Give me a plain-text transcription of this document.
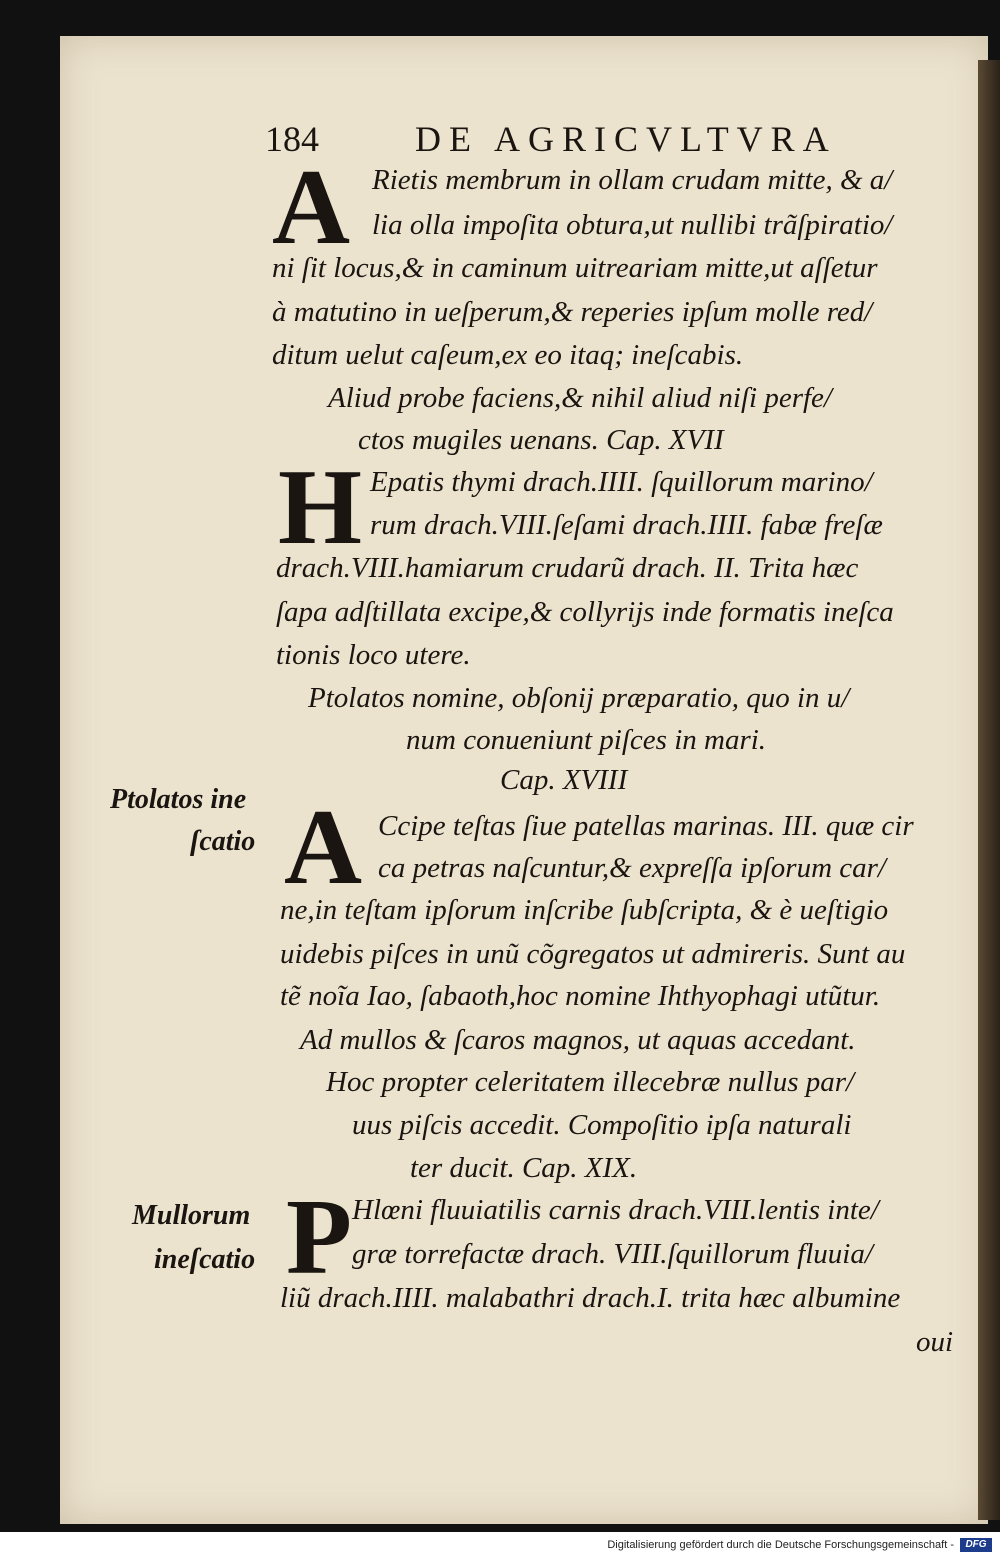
184	DE AGRICVLTVRA
A Rietis membrum in ollam crudam mitte, & a/
lia olla impoſita obtura,ut nullibi trãſpiratio/
ni ſit locus,& in caminum uitreariam mitte,ut aſſetur
à matutino in ueſperum,& reperies ipſum molle red/
ditum uelut caſeum,ex eo itaq; ineſcabis.
Aliud probe faciens,& nihil aliud niſi perfe/
ctos mugiles uenans. Cap. XVII
H Epatis thymi drach.IIII. ſquillorum marino/
rum drach.VIII.ſeſami drach.IIII. fabæ freſæ
drach.VIII.hamiarum crudarũ drach. II. Trita hæc
ſapa adſtillata excipe,& collyrijs inde formatis ineſca
tionis loco utere.
Ptolatos nomine, obſonij præparatio, quo in u/
num conueniunt piſces in mari.
Cap. XVIII
Ptolatos ine
ſcatio A Ccipe teſtas ſiue patellas marinas. III. quæ cir
ca petras naſcuntur,& expreſſa ipſorum car/
ne,in teſtam ipſorum inſcribe ſubſcripta, & è ueſtigio
uidebis piſces in unũ cõgregatos ut admireris. Sunt au
tẽ noĩa Iao, ſabaoth,hoc nomine Ihthyophagi utũtur.
Ad mullos & ſcaros magnos, ut aquas accedant.
Hoc propter celeritatem illecebræ nullus par/
uus piſcis accedit. Compoſitio ipſa naturali
ter ducit. Cap. XIX.
Mullorum
ineſcatio P Hlœni fluuiatilis carnis drach.VIII.lentis inte/
græ torrefactæ drach. VIII.ſquillorum fluuia/
liũ drach.IIII. malabathri drach.I. trita hæc albumine
oui
Digitalisierung gefördert durch die Deutsche Forschungsgemeinschaft -	DFG
